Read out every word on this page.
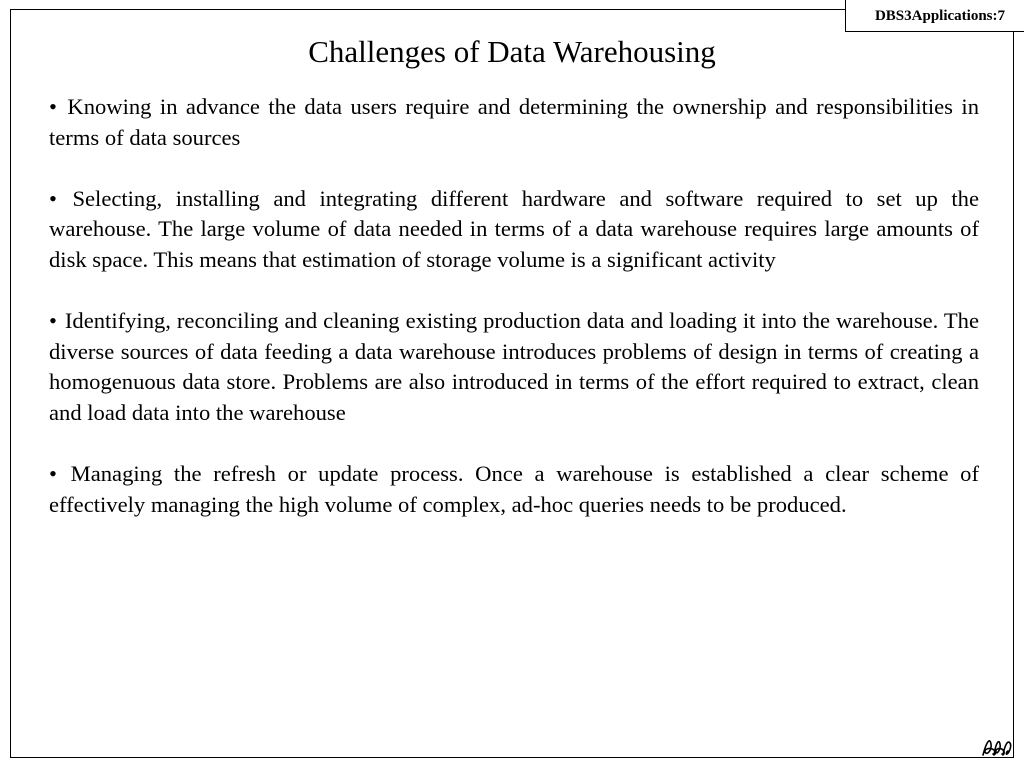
DBS3Applications:7
Challenges of Data Warehousing

• Knowing in advance the data users require and determining the ownership and responsibilities in terms of data sources

• Selecting, installing and integrating different hardware and software required to set up the warehouse. The large volume of data needed in terms of a data warehouse requires large amounts of disk space. This means that estimation of storage volume is a significant activity

• Identifying, reconciling and cleaning existing production data and loading it into the warehouse. The diverse sources of data feeding a data warehouse introduces problems of design in terms of creating a homogenuous data store. Problems are also introduced in terms of the effort required to extract, clean and load data into the warehouse

• Managing the refresh or update process. Once a warehouse is established a clear scheme of effectively managing the high volume of complex, ad-hoc queries needs to be produced.
